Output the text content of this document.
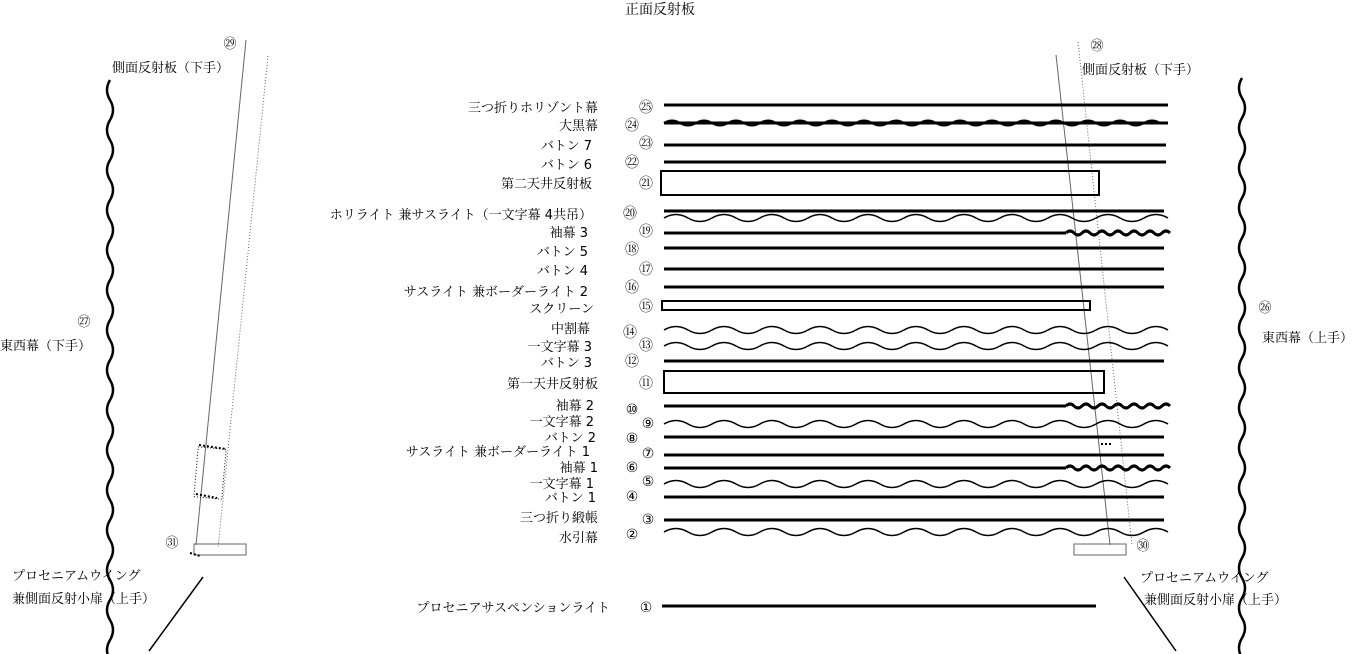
正面反射板
㉙
側面反射板（下手）
㉘
側面反射板（下手）
㉗
東西幕（下手）
㉖
東西幕（上手）
㉛
プロセニアムウイング
兼側面反射小扉（上手）
㉚
プロセニアムウイング
兼側面反射小扉（上手）
三つ折りホリゾント幕	㉕
大黒幕 ㉔
バトン 7	㉓
バトン 6 ㉒
第二天井反射板	㉑
ホリライト 兼サスライト（一文字幕 4共吊） ⑳
袖幕 3	⑲
バトン 5	⑱
バトン 4	⑰
サスライト 兼ボーダーライト 2	⑯
スクリーン	⑮
中割幕 ⑭
一文字幕 3	⑬
バトン 3 ⑫
第一天井反射板	⑪
袖幕 2 ⑩
一文字幕 2	⑨
バトン 2 ⑧
サスライト 兼ボーダーライト 1	⑦
袖幕 1 ⑥
一文字幕 1	⑤
バトン 1 ④
三つ折り緞帳	③
水引幕 ②
プロセニアサスペンションライト ①
